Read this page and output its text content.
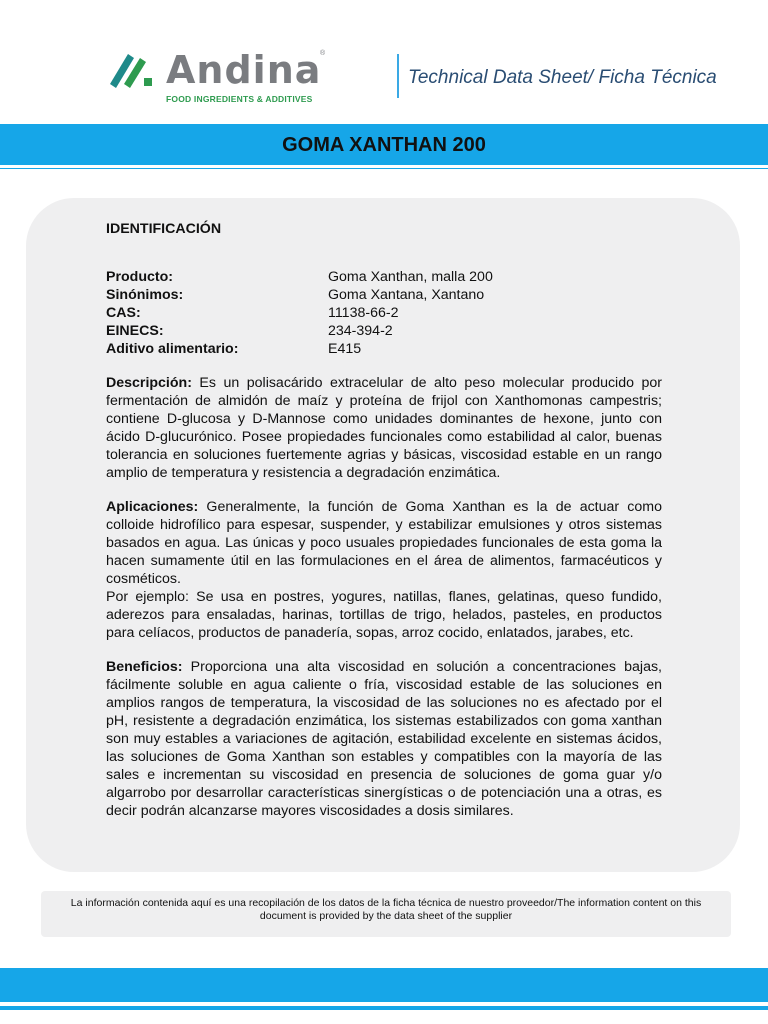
Andina
®
FOOD INGREDIENTS & ADDITIVES
Technical Data Sheet/ Ficha Técnica
GOMA XANTHAN 200
IDENTIFICACIÓN
Producto:	Goma Xanthan, malla 200
Sinónimos:	Goma Xantana, Xantano
CAS:	11138-66-2
EINECS:	234-394-2
Aditivo alimentario:	E415
Descripción: Es un polisacárido extracelular de alto peso molecular producido por fermentación de almidón de maíz y proteína de frijol con Xanthomonas campestris; contiene D-glucosa y D-Mannose como unidades dominantes de hexone, junto con ácido D-glucurónico. Posee propiedades funcionales como estabilidad al calor, buenas tolerancia en soluciones fuertemente agrias y básicas, viscosidad estable en un rango amplio de temperatura y resistencia a degradación enzimática.
Aplicaciones: Generalmente, la función de Goma Xanthan es la de actuar como colloide hidrofílico para espesar, suspender, y estabilizar emulsiones y otros sistemas basados en agua. Las únicas y poco usuales propiedades funcionales de esta goma la hacen sumamente útil en las formulaciones en el área de alimentos, farmacéuticos y cosméticos.
Por ejemplo: Se usa en postres, yogures, natillas, flanes, gelatinas, queso fundido, aderezos para ensaladas, harinas, tortillas de trigo, helados, pasteles, en productos para celíacos, productos de panadería, sopas, arroz cocido, enlatados, jarabes, etc.
Beneficios: Proporciona una alta viscosidad en solución a concentraciones bajas, fácilmente soluble en agua caliente o fría, viscosidad estable de las soluciones en amplios rangos de temperatura, la viscosidad de las soluciones no es afectado por el pH, resistente a degradación enzimática, los sistemas estabilizados con goma xanthan son muy estables a variaciones de agitación, estabilidad excelente en sistemas ácidos, las soluciones de Goma Xanthan son estables y compatibles con la mayoría de las sales e incrementan su viscosidad en presencia de soluciones de goma guar y/o algarrobo por desarrollar características sinergísticas o de potenciación una a otras, es decir podrán alcanzarse mayores viscosidades a dosis similares.

La información contenida aquí es una recopilación de los datos de la ficha técnica de nuestro proveedor/The information content on this document is provided by the data sheet of the supplier
